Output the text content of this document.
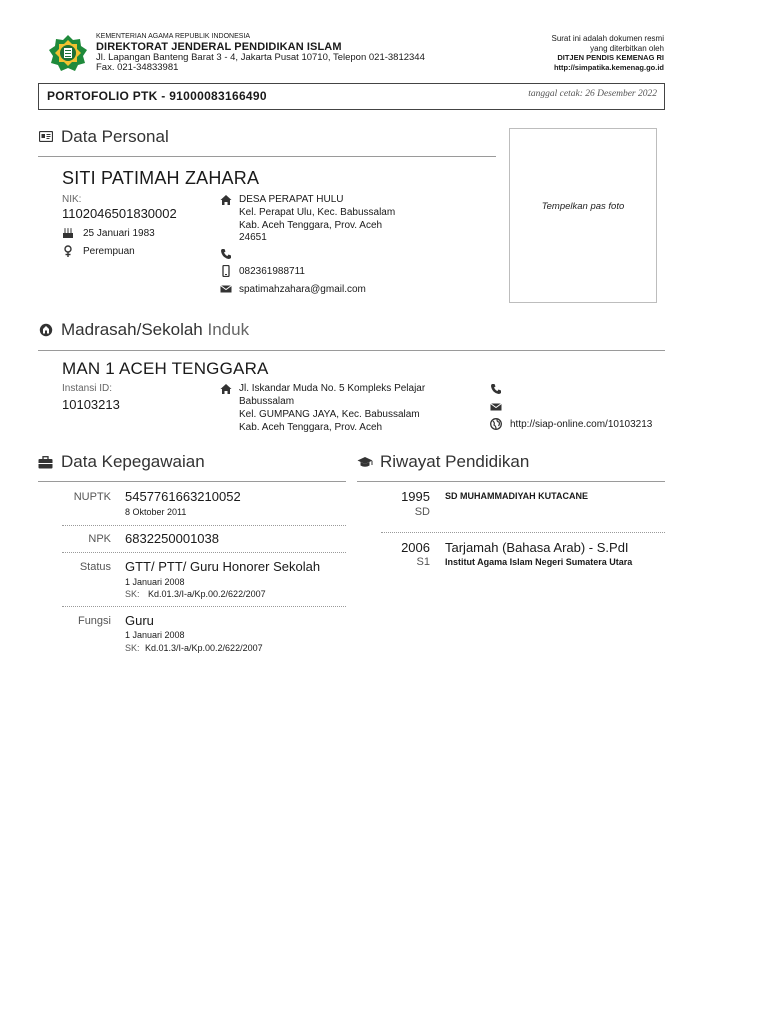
KEMENTERIAN AGAMA REPUBLIK INDONESIA
DIREKTORAT JENDERAL PENDIDIKAN ISLAM
Jl. Lapangan Banteng Barat 3 - 4, Jakarta Pusat 10710, Telepon 021-3812344
Fax. 021-34833981
Surat ini adalah dokumen resmi
yang diterbitkan oleh
DITJEN PENDIS KEMENAG RI
http://simpatika.kemenag.go.id
PORTOFOLIO PTK - 91000083166490	tanggal cetak: 26 Desember 2022
Data Personal
SITI PATIMAH ZAHARA
NIK:
1102046501830002
25 Januari 1983
Perempuan
DESA PERAPAT HULU
Kel. Perapat Ulu, Kec. Babussalam
Kab. Aceh Tenggara, Prov. Aceh
24651
082361988711
spatimahzahara@gmail.com
Tempelkan pas foto
Madrasah/Sekolah Induk
MAN 1 ACEH TENGGARA
Instansi ID:
10103213
Jl. Iskandar Muda No. 5 Kompleks Pelajar
Babussalam
Kel. GUMPANG JAYA, Kec. Babussalam
Kab. Aceh Tenggara, Prov. Aceh	http://siap-online.com/10103213
Data Kepegawaian
NUPTK 5457761663210052
8 Oktober 2011
NPK 6832250001038
Status GTT/ PTT/ Guru Honorer Sekolah
1 Januari 2008
SK: Kd.01.3/I-a/Kp.00.2/622/2007
Fungsi Guru
1 Januari 2008
SK: Kd.01.3/I-a/Kp.00.2/622/2007
Riwayat Pendidikan
1995
SD
SD MUHAMMADIYAH KUTACANE
2006
S1
Tarjamah (Bahasa Arab) - S.PdI
Institut Agama Islam Negeri Sumatera Utara
